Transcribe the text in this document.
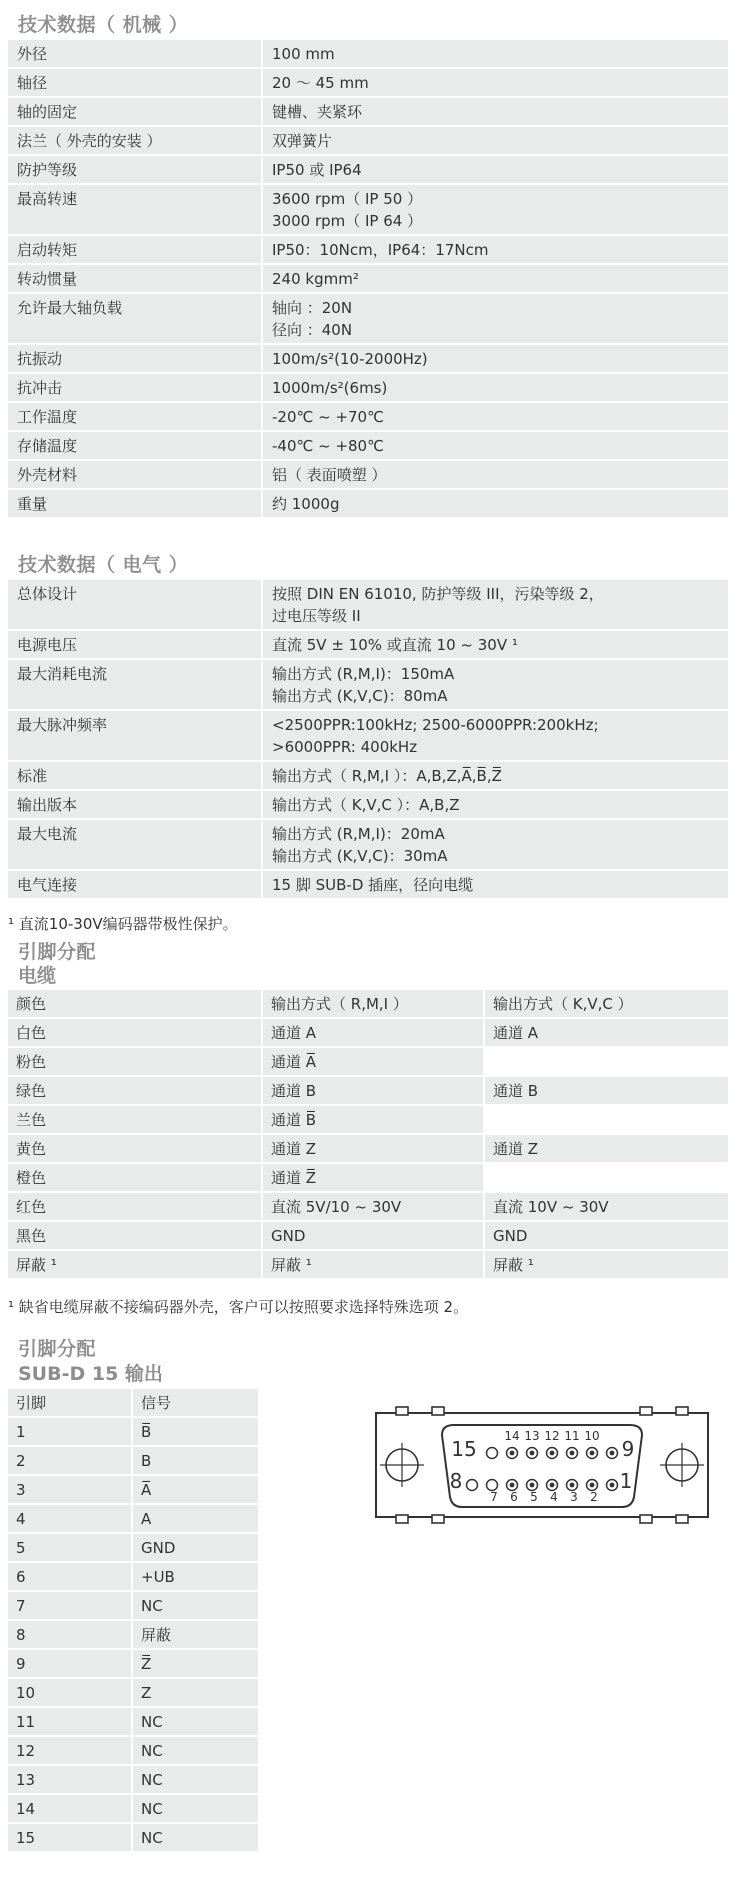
技术数据（ 机械 ）
外径	100 mm

轴径	20 ～ 45 mm

轴的固定	键槽、夹紧环

法兰（ 外壳的安装 ）	双弹簧片

防护等级	IP50 或 IP64

最高转速	3600 rpm（ IP 50 ）
3000 rpm（ IP 64 ）

启动转矩	IP50：10Ncm，IP64：17Ncm

转动惯量	240 kgmm²

允许最大轴负载	轴向 ：20N
径向 ：40N

抗振动	100m/s²(10-2000Hz)

抗冲击	1000m/s²(6ms)

工作温度	-20℃ ~ +70℃

存储温度	-40℃ ~ +80℃

外壳材料	铝（ 表面喷塑 ）

重量	约 1000g
技术数据（ 电气 ）
总体设计	按照 DIN EN 61010, 防护等级 III，污染等级 2，
过电压等级 II

电源电压	直流 5V ± 10% 或直流 10 ~ 30V ¹

最大消耗电流	输出方式 (R,M,I)：150mA
输出方式 (K,V,C)：80mA

最大脉冲频率	<2500PPR:100kHz; 2500-6000PPR:200kHz;
>6000PPR: 400kHz

标准	输出方式（ R,M,I ）：A,B,Z,A̅,B̅,Z̅

输出版本	输出方式（ K,V,C ）：A,B,Z

最大电流	输出方式 (R,M,I)：20mA
输出方式 (K,V,C)：30mA

电气连接	15 脚 SUB-D 插座，径向电缆
¹ 直流10-30V编码器带极性保护。
引脚分配
电缆
颜色	输出方式（ R,M,I ）	输出方式（ K,V,C ）
白色	通道 A	通道 A
粉色	通道 A̅	
绿色	通道 B	通道 B
兰色	通道 B̅	
黄色	通道 Z	通道 Z
橙色	通道 Z̅	
红色	直流 5V/10 ~ 30V	直流 10V ~ 30V
黑色	GND	GND
屏蔽 ¹	屏蔽 ¹	屏蔽 ¹
¹ 缺省电缆屏蔽不接编码器外壳，客户可以按照要求选择特殊选项 2。
引脚分配
SUB-D 15 输出
引脚	信号
1	B̅
2	B
3	A̅
4	A
5	GND
6	+UB
7	NC
8	屏蔽
9	Z̅
10	Z
11	NC
12	NC
13	NC
14	NC
15	NC
15
14 13 12 11 10
9
8
7 6 5 4 3 2
1
